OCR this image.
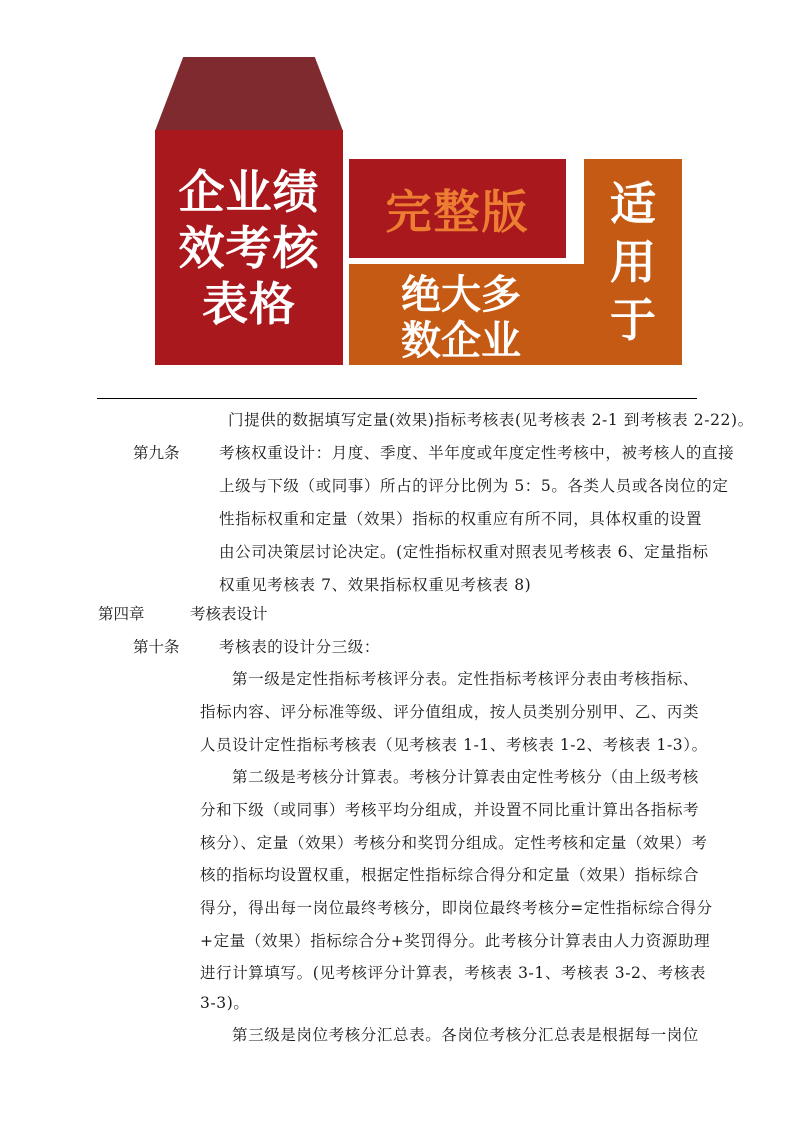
企业绩
效考核
表格
完整版
绝大多
数企业
适
用
于
门提供的数据填写定量(效果)指标考核表(见考核表 2-1 到考核表 2-22)。
第九条	考核权重设计：月度、季度、半年度或年度定性考核中，被考核人的直接
上级与下级（或同事）所占的评分比例为 5：5。各类人员或各岗位的定
性指标权重和定量（效果）指标的权重应有所不同，具体权重的设置
由公司决策层讨论决定。(定性指标权重对照表见考核表 6、定量指标
权重见考核表 7、效果指标权重见考核表 8)
第四章	考核表设计
第十条	考核表的设计分三级：
第一级是定性指标考核评分表。定性指标考核评分表由考核指标、
指标内容、评分标准等级、评分值组成，按人员类别分别甲、乙、丙类
人员设计定性指标考核表（见考核表 1-1、考核表 1-2、考核表 1-3）。
第二级是考核分计算表。考核分计算表由定性考核分（由上级考核
分和下级（或同事）考核平均分组成，并设置不同比重计算出各指标考
核分）、定量（效果）考核分和奖罚分组成。定性考核和定量（效果）考
核的指标均设置权重，根据定性指标综合得分和定量（效果）指标综合
得分，得出每一岗位最终考核分，即岗位最终考核分=定性指标综合得分
+定量（效果）指标综合分+奖罚得分。此考核分计算表由人力资源助理
进行计算填写。(见考核评分计算表，考核表 3-1、考核表 3-2、考核表
3-3)。
第三级是岗位考核分汇总表。各岗位考核分汇总表是根据每一岗位
